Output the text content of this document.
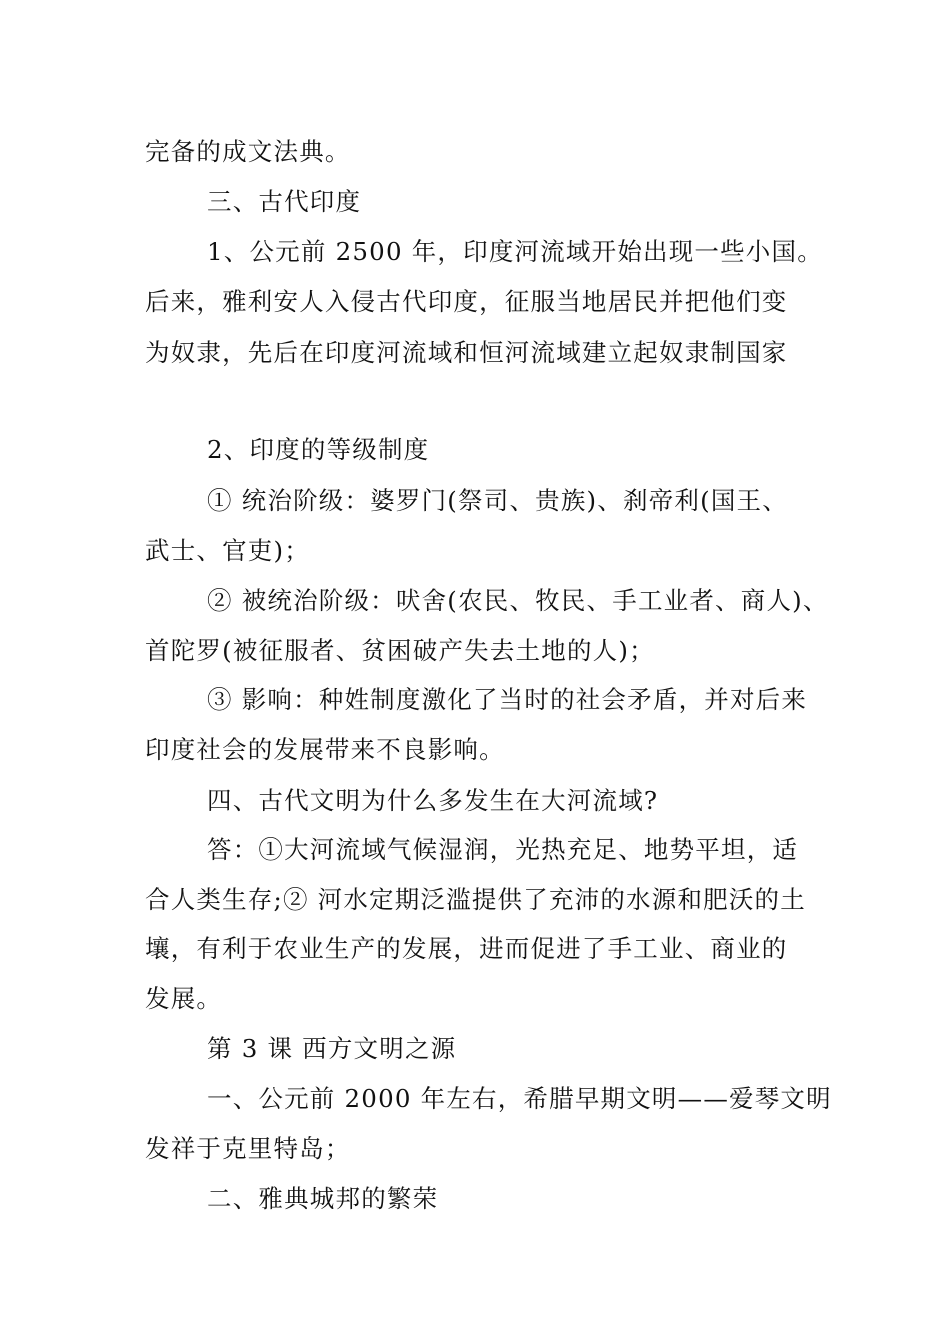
完备的成文法典。
三、古代印度
1、公元前 2500 年，印度河流域开始出现一些小国。
后来，雅利安人入侵古代印度，征服当地居民并把他们变
为奴隶，先后在印度河流域和恒河流域建立起奴隶制国家
2、印度的等级制度
① 统治阶级：婆罗门(祭司、贵族)、刹帝利(国王、
武士、官吏)；
② 被统治阶级：吠舍(农民、牧民、手工业者、商人)、
首陀罗(被征服者、贫困破产失去土地的人)；
③ 影响：种姓制度激化了当时的社会矛盾，并对后来
印度社会的发展带来不良影响。
四、古代文明为什么多发生在大河流域?
答：①大河流域气候湿润，光热充足、地势平坦，适
合人类生存;② 河水定期泛滥提供了充沛的水源和肥沃的土
壤，有利于农业生产的发展，进而促进了手工业、商业的
发展。
第 3 课 西方文明之源
一、公元前 2000 年左右，希腊早期文明——爱琴文明
发祥于克里特岛；
二、雅典城邦的繁荣
